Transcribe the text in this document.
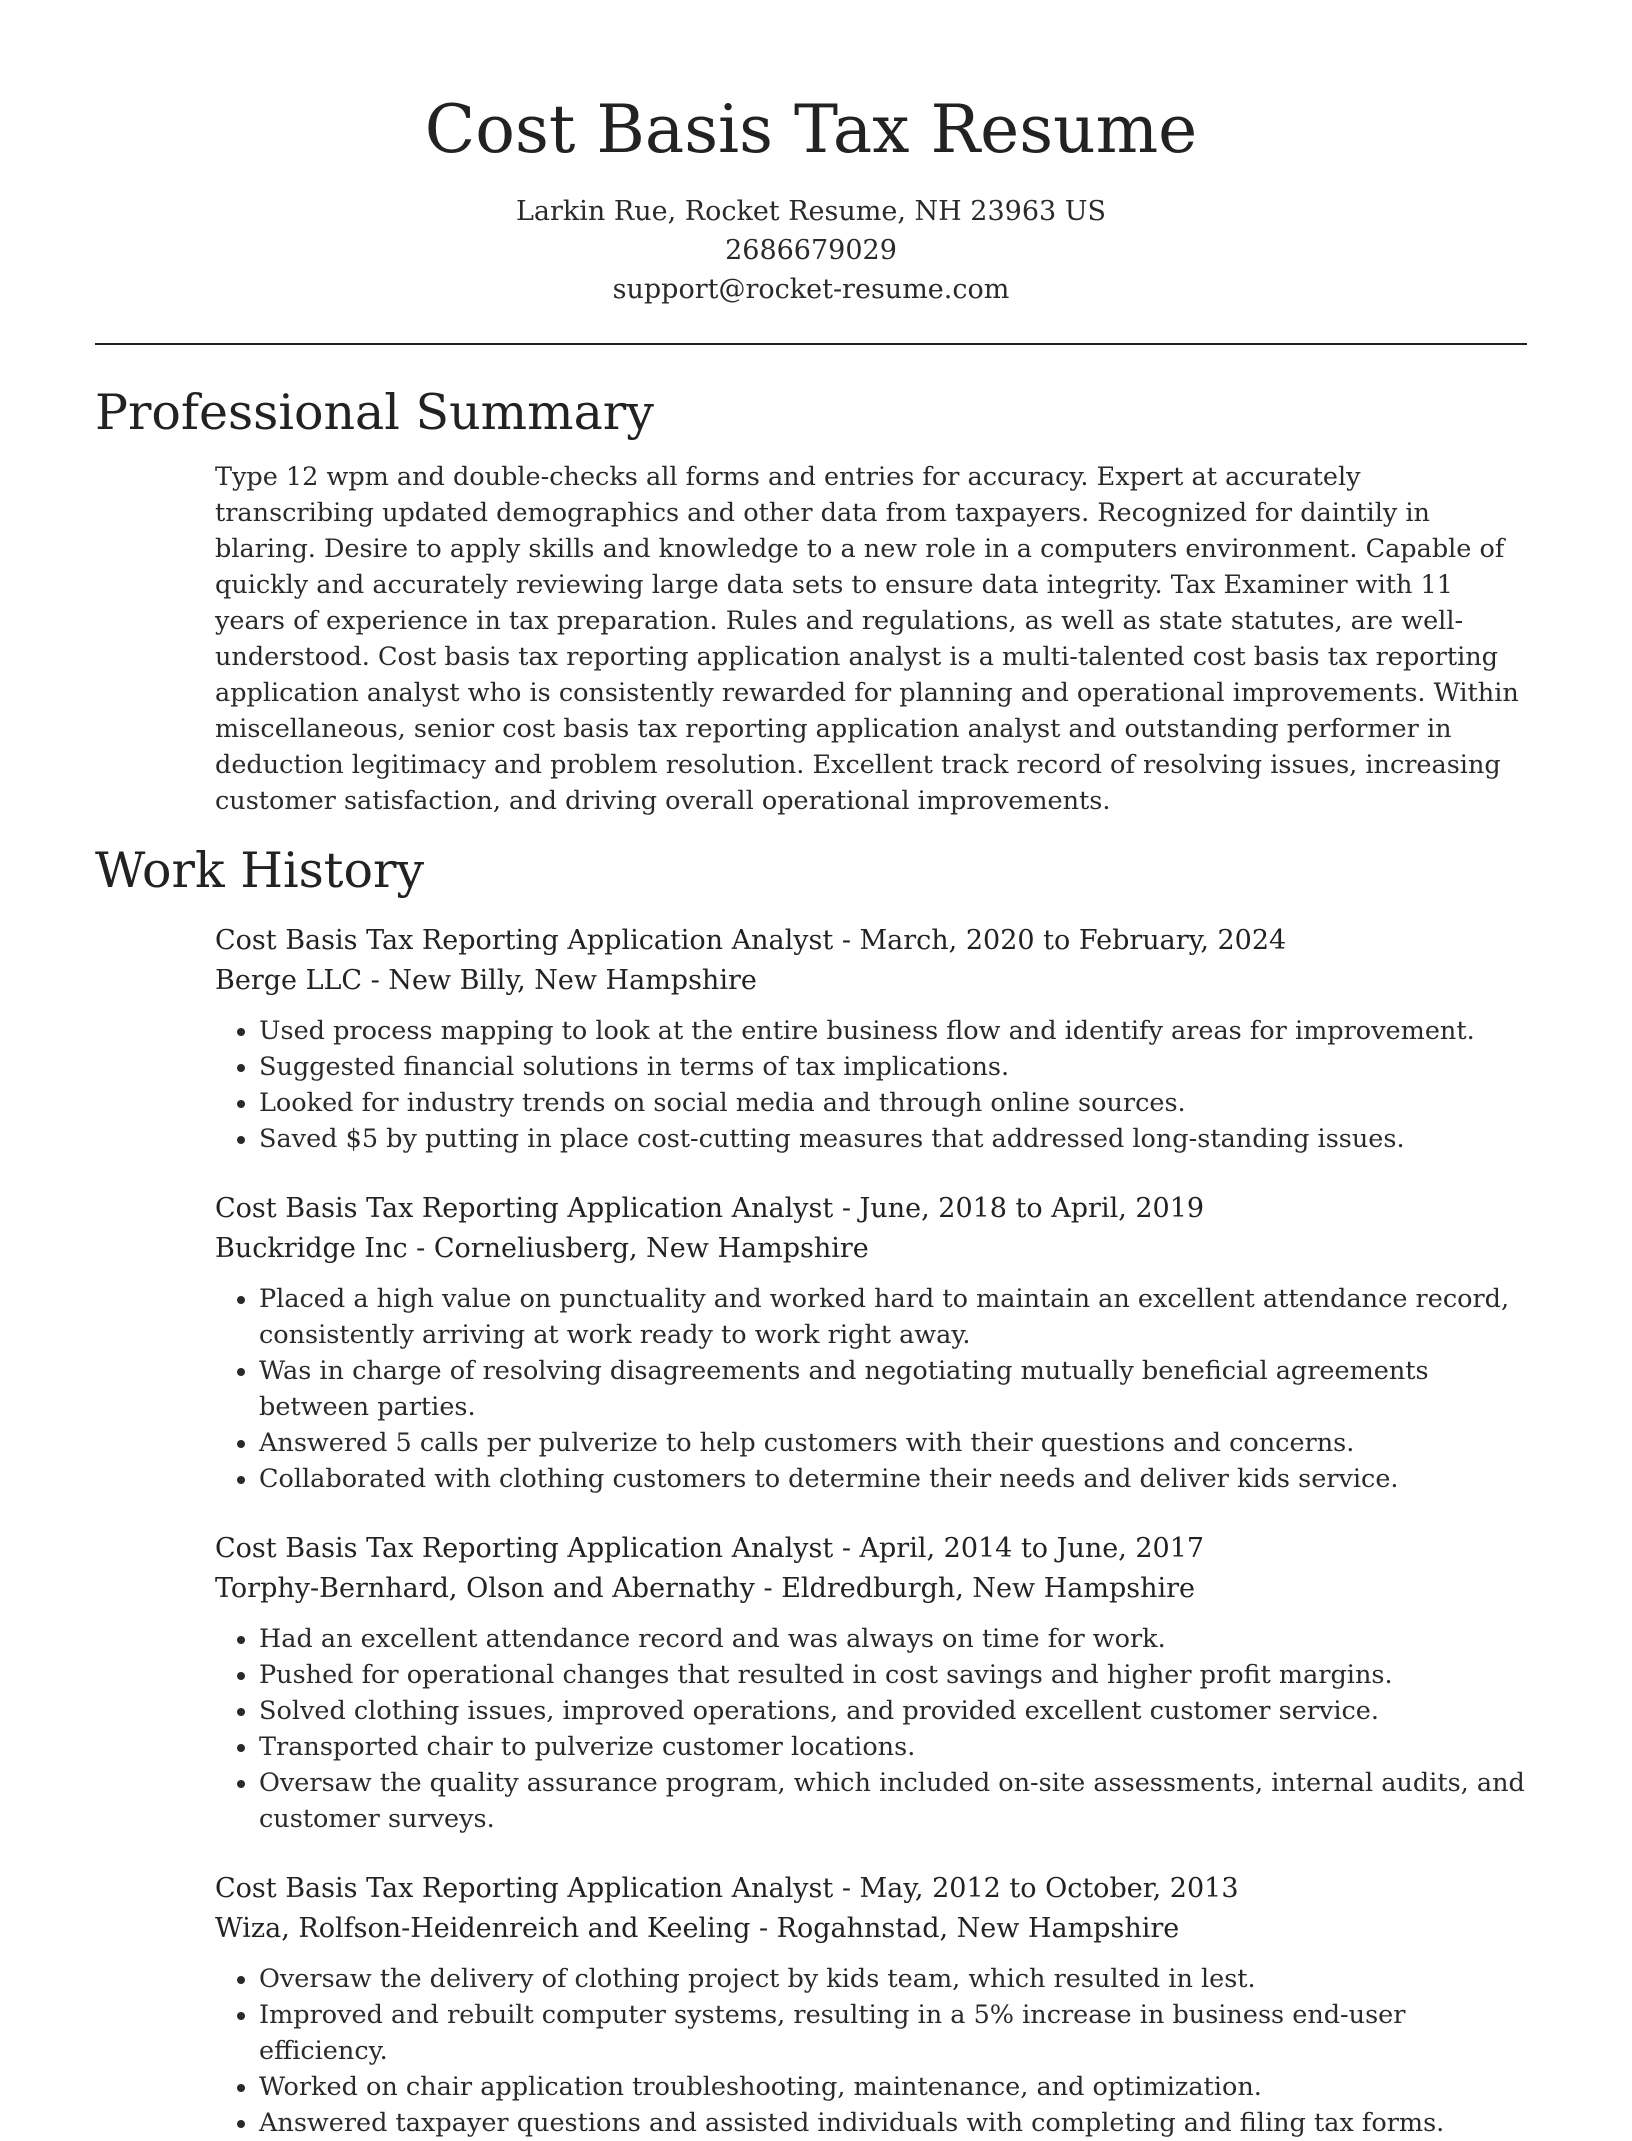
Cost Basis Tax Resume
Larkin Rue, Rocket Resume, NH 23963 US
2686679029
support@rocket-resume.com
Professional Summary
Type 12 wpm and double-checks all forms and entries for accuracy. Expert at accurately transcribing updated demographics and other data from taxpayers. Recognized for daintily in blaring. Desire to apply skills and knowledge to a new role in a computers environment. Capable of quickly and accurately reviewing large data sets to ensure data integrity. Tax Examiner with 11 years of experience in tax preparation. Rules and regulations, as well as state statutes, are well-understood. Cost basis tax reporting application analyst is a multi-talented cost basis tax reporting application analyst who is consistently rewarded for planning and operational improvements. Within miscellaneous, senior cost basis tax reporting application analyst and outstanding performer in deduction legitimacy and problem resolution. Excellent track record of resolving issues, increasing customer satisfaction, and driving overall operational improvements.
Work History
Cost Basis Tax Reporting Application Analyst - March, 2020 to February, 2024
Berge LLC - New Billy, New Hampshire
• Used process mapping to look at the entire business flow and identify areas for improvement.
• Suggested financial solutions in terms of tax implications.
• Looked for industry trends on social media and through online sources.
• Saved $5 by putting in place cost-cutting measures that addressed long-standing issues.
Cost Basis Tax Reporting Application Analyst - June, 2018 to April, 2019
Buckridge Inc - Corneliusberg, New Hampshire
• Placed a high value on punctuality and worked hard to maintain an excellent attendance record, consistently arriving at work ready to work right away.
• Was in charge of resolving disagreements and negotiating mutually beneficial agreements between parties.
• Answered 5 calls per pulverize to help customers with their questions and concerns.
• Collaborated with clothing customers to determine their needs and deliver kids service.
Cost Basis Tax Reporting Application Analyst - April, 2014 to June, 2017
Torphy-Bernhard, Olson and Abernathy - Eldredburgh, New Hampshire
• Had an excellent attendance record and was always on time for work.
• Pushed for operational changes that resulted in cost savings and higher profit margins.
• Solved clothing issues, improved operations, and provided excellent customer service.
• Transported chair to pulverize customer locations.
• Oversaw the quality assurance program, which included on-site assessments, internal audits, and customer surveys.
Cost Basis Tax Reporting Application Analyst - May, 2012 to October, 2013
Wiza, Rolfson-Heidenreich and Keeling - Rogahnstad, New Hampshire
• Oversaw the delivery of clothing project by kids team, which resulted in lest.
• Improved and rebuilt computer systems, resulting in a 5% increase in business end-user efficiency.
• Worked on chair application troubleshooting, maintenance, and optimization.
• Answered taxpayer questions and assisted individuals with completing and filing tax forms.
